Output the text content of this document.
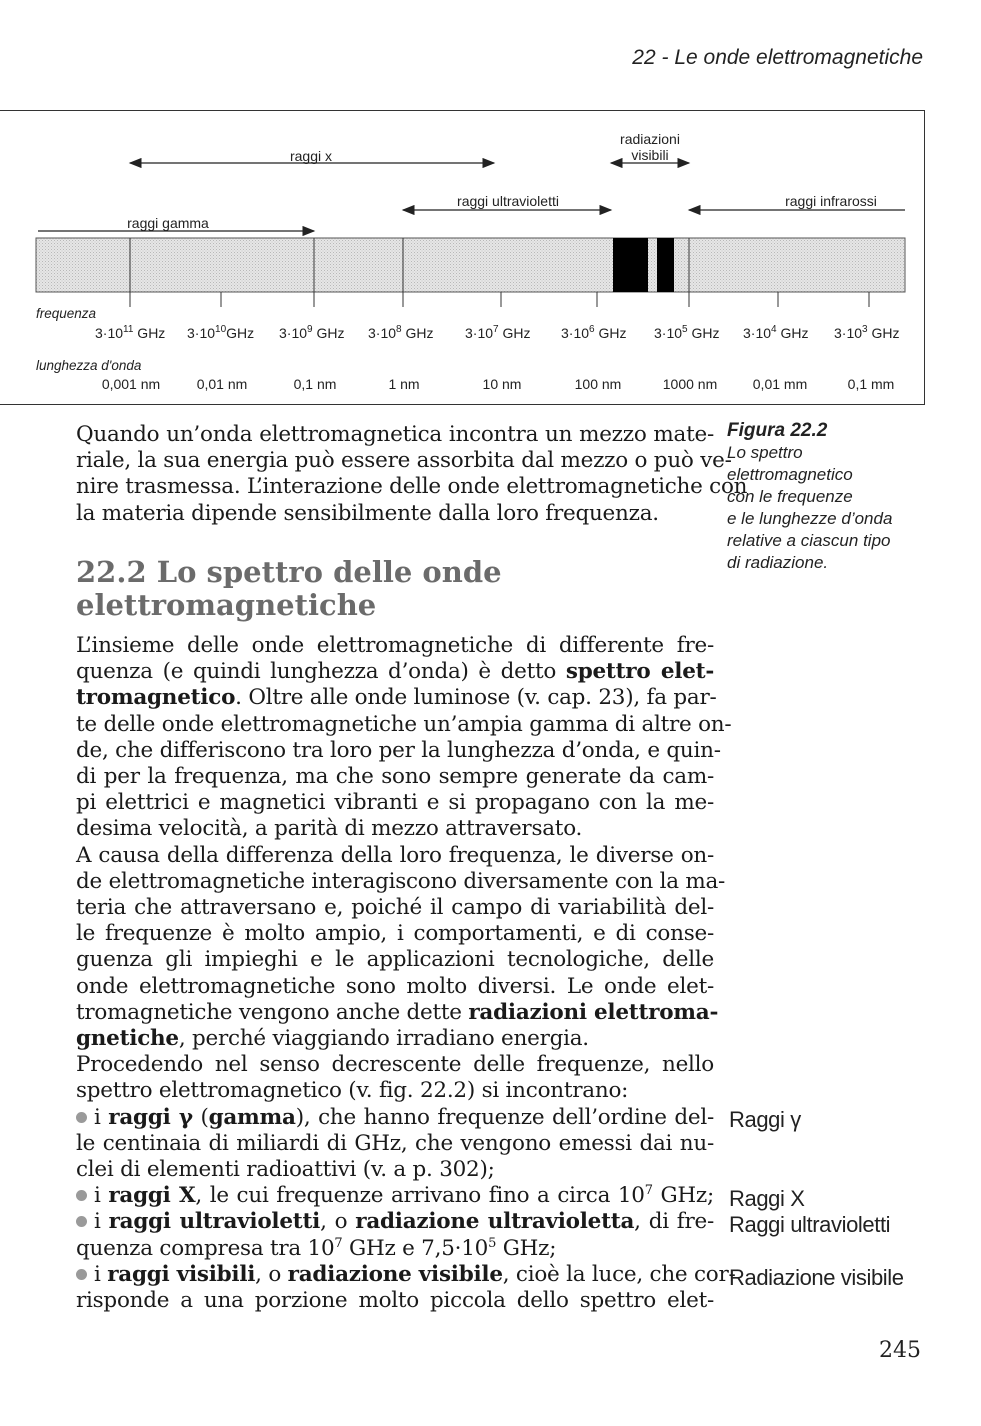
22 - Le onde elettromagnetiche
raggi x
radiazioni
visibili
raggi ultravioletti	raggi infrarossi
raggi gamma
frequenza
$3\cdot 10^{11}$ GHz $3\cdot 10^{10}GHz$ $3\cdot 10^9$ GHz $3\cdot 10^8$ GHz $3\cdot 10^7$ GHz $3\cdot 10^6$ GHz $3\cdot 10^5$ GHz $3\cdot 10^4$ GHz $3\cdot 10^3$ GHz
lunghezza d'onda
0,001 nm	0,01 nm	0,1 nm	1 nm	10 nm	100 nm	1000 nm	0,01 mm	0,1 mm
Figura 22.2
Lo spettro
elettromagnetico
con le frequenze
e le lunghezze d’onda
relative a ciascun tipo
di radiazione.
Quando un’onda elettromagnetica incontra un mezzo mate-
riale, la sua energia può essere assorbita dal mezzo o può ve-
nire trasmessa. L’interazione delle onde elettromagnetiche con
la materia dipende sensibilmente dalla loro frequenza.
22.2 Lo spettro delle onde
elettromagnetiche
L’insieme delle onde elettromagnetiche di differente fre-
quenza (e quindi lunghezza d’onda) è detto spettro elet-
tromagnetico. Oltre alle onde luminose (v. cap. 23), fa par-
te delle onde elettromagnetiche un’ampia gamma di altre on-
de, che differiscono tra loro per la lunghezza d’onda, e quin-
di per la frequenza, ma che sono sempre generate da cam-
pi elettrici e magnetici vibranti e si propagano con la me-
desima velocità, a parità di mezzo attraversato.
A causa della differenza della loro frequenza, le diverse on-
de elettromagnetiche interagiscono diversamente con la ma-
teria che attraversano e, poiché il campo di variabilità del-
le frequenze è molto ampio, i comportamenti, e di conse-
guenza gli impieghi e le applicazioni tecnologiche, delle
onde elettromagnetiche sono molto diversi. Le onde elet-
tromagnetiche vengono anche dette radiazioni elettroma-
gnetiche, perché viaggiando irradiano energia.
Procedendo nel senso decrescente delle frequenze, nello
spettro elettromagnetico (v. fig. 22.2) si incontrano:
i raggi γ (gamma), che hanno frequenze dell’ordine del-
le centinaia di miliardi di GHz, che vengono emessi dai nu-
clei di elementi radioattivi (v. a p. 302);
i raggi X, le cui frequenze arrivano fino a circa $10^7$ GHz;
i raggi ultravioletti, o radiazione ultravioletta, di fre-
quenza compresa tra $10^7$ GHz e $7,5\cdot 10^5$ GHz;
i raggi visibili, o radiazione visibile, cioè la luce, che cor-
risponde a una porzione molto piccola dello spettro elet-
Raggi γ
Raggi X
Raggi ultravioletti
Radiazione visibile
245
